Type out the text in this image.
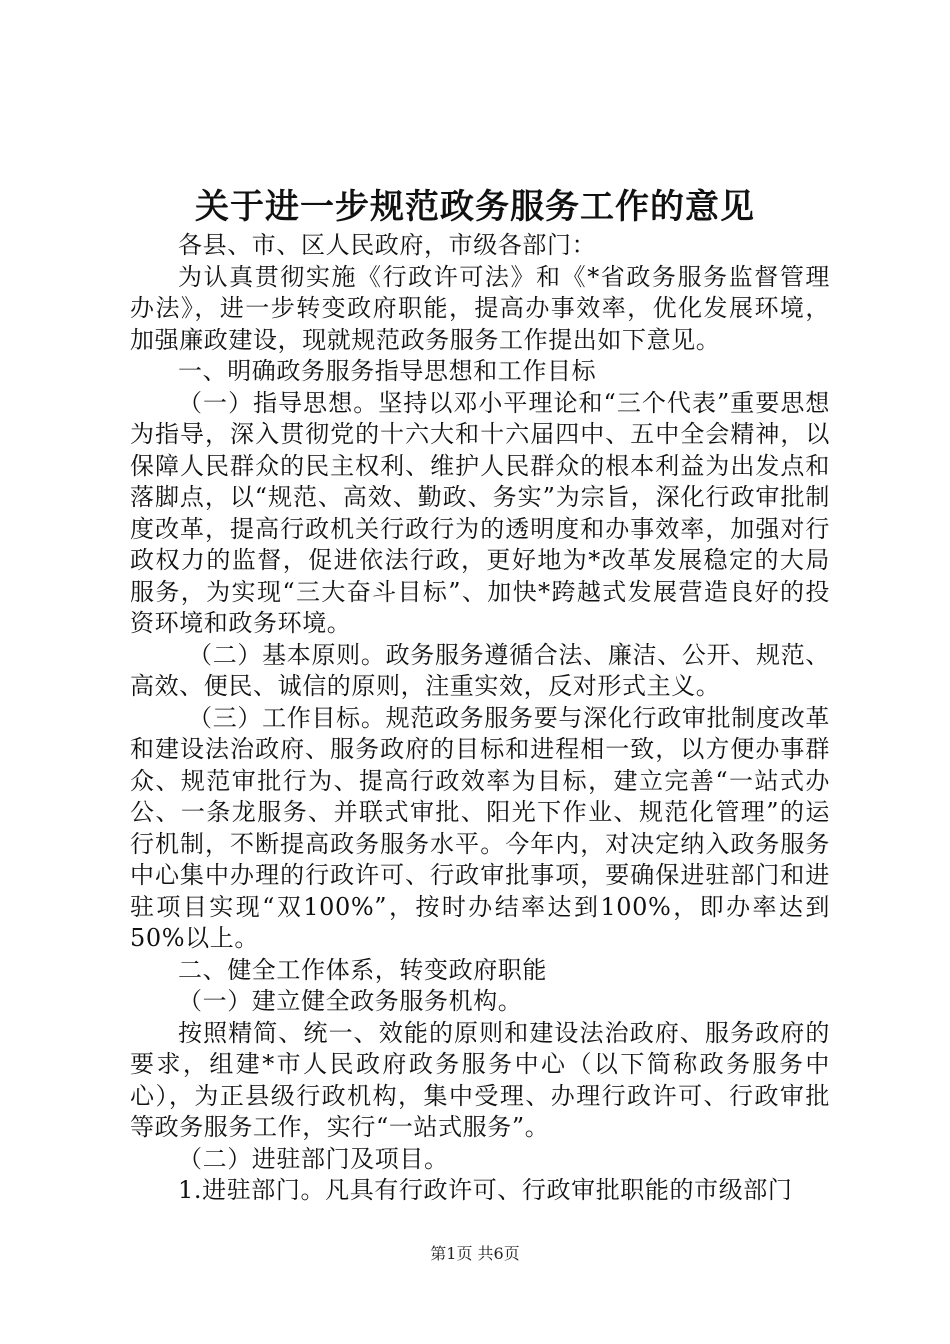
关于进一步规范政务服务工作的意见

各县、市、区人民政府，市级各部门：

为认真贯彻实施《行政许可法》和《*省政务服务监督管理办法》，进一步转变政府职能，提高办事效率，优化发展环境，加强廉政建设，现就规范政务服务工作提出如下意见。

一、明确政务服务指导思想和工作目标

（一）指导思想。坚持以邓小平理论和“三个代表”重要思想为指导，深入贯彻党的十六大和十六届四中、五中全会精神，以保障人民群众的民主权利、维护人民群众的根本利益为出发点和落脚点，以“规范、高效、勤政、务实”为宗旨，深化行政审批制度改革，提高行政机关行政行为的透明度和办事效率，加强对行政权力的监督，促进依法行政，更好地为*改革发展稳定的大局服务，为实现“三大奋斗目标”、加快*跨越式发展营造良好的投资环境和政务环境。

（二）基本原则。政务服务遵循合法、廉洁、公开、规范、高效、便民、诚信的原则，注重实效，反对形式主义。

（三）工作目标。规范政务服务要与深化行政审批制度改革和建设法治政府、服务政府的目标和进程相一致，以方便办事群众、规范审批行为、提高行政效率为目标，建立完善“一站式办公、一条龙服务、并联式审批、阳光下作业、规范化管理”的运行机制，不断提高政务服务水平。今年内，对决定纳入政务服务中心集中办理的行政许可、行政审批事项，要确保进驻部门和进驻项目实现“双100%”，按时办结率达到100%，即办率达到50%以上。

二、健全工作体系，转变政府职能

（一）建立健全政务服务机构。

按照精简、统一、效能的原则和建设法治政府、服务政府的要求，组建*市人民政府政务服务中心（以下简称政务服务中心），为正县级行政机构，集中受理、办理行政许可、行政审批等政务服务工作，实行“一站式服务”。

（二）进驻部门及项目。

1.进驻部门。凡具有行政许可、行政审批职能的市级部门

第1页 共6页
